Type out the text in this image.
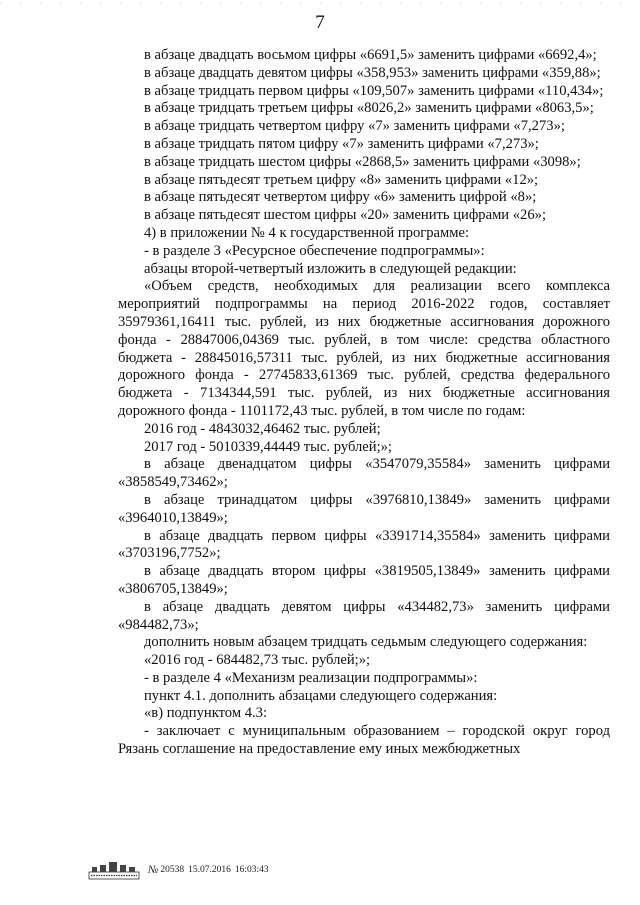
7

в абзаце двадцать восьмом цифры «6691,5» заменить цифрами «6692,4»;

в абзаце двадцать девятом цифры «358,953» заменить цифрами «359,88»;

в абзаце тридцать первом цифры «109,507» заменить цифрами «110,434»;

в абзаце тридцать третьем цифры «8026,2» заменить цифрами «8063,5»;

в абзаце тридцать четвертом цифру «7» заменить цифрами «7,273»;

в абзаце тридцать пятом цифру «7» заменить цифрами «7,273»;

в абзаце тридцать шестом цифры «2868,5» заменить цифрами «3098»;

в абзаце пятьдесят третьем цифру «8» заменить цифрами «12»;

в абзаце пятьдесят четвертом цифру «6» заменить цифрой «8»;

в абзаце пятьдесят шестом цифры «20» заменить цифрами «26»;

4) в приложении № 4 к государственной программе:

- в разделе 3 «Ресурсное обеспечение подпрограммы»:

абзацы второй-четвертый изложить в следующей редакции:

«Объем средств, необходимых для реализации всего комплекса мероприятий подпрограммы на период 2016-2022 годов, составляет 35979361,16411 тыс. рублей, из них бюджетные ассигнования дорожного фонда - 28847006,04369 тыс. рублей, в том числе: средства областного бюджета - 28845016,57311 тыс. рублей, из них бюджетные ассигнования дорожного фонда - 27745833,61369 тыс. рублей, средства федерального бюджета - 7134344,591 тыс. рублей, из них бюджетные ассигнования дорожного фонда - 1101172,43 тыс. рублей, в том числе по годам:

2016 год - 4843032,46462 тыс. рублей;

2017 год - 5010339,44449 тыс. рублей;»;

в абзаце двенадцатом цифры «3547079,35584» заменить цифрами «3858549,73462»;

в абзаце тринадцатом цифры «3976810,13849» заменить цифрами «3964010,13849»;

в абзаце двадцать первом цифры «3391714,35584» заменить цифрами «3703196,7752»;

в абзаце двадцать втором цифры «3819505,13849» заменить цифрами «3806705,13849»;

в абзаце двадцать девятом цифры «434482,73» заменить цифрами «984482,73»;

дополнить новым абзацем тридцать седьмым следующего содержания:

«2016 год - 684482,73 тыс. рублей;»;

- в разделе 4 «Механизм реализации подпрограммы»:

пункт 4.1. дополнить абзацами следующего содержания:

«в) подпунктом 4.3:

- заключает с муниципальным образованием – городской округ город Рязань соглашение на предоставление ему иных межбюджетных

№ 20538 15.07.2016 16:03:43
